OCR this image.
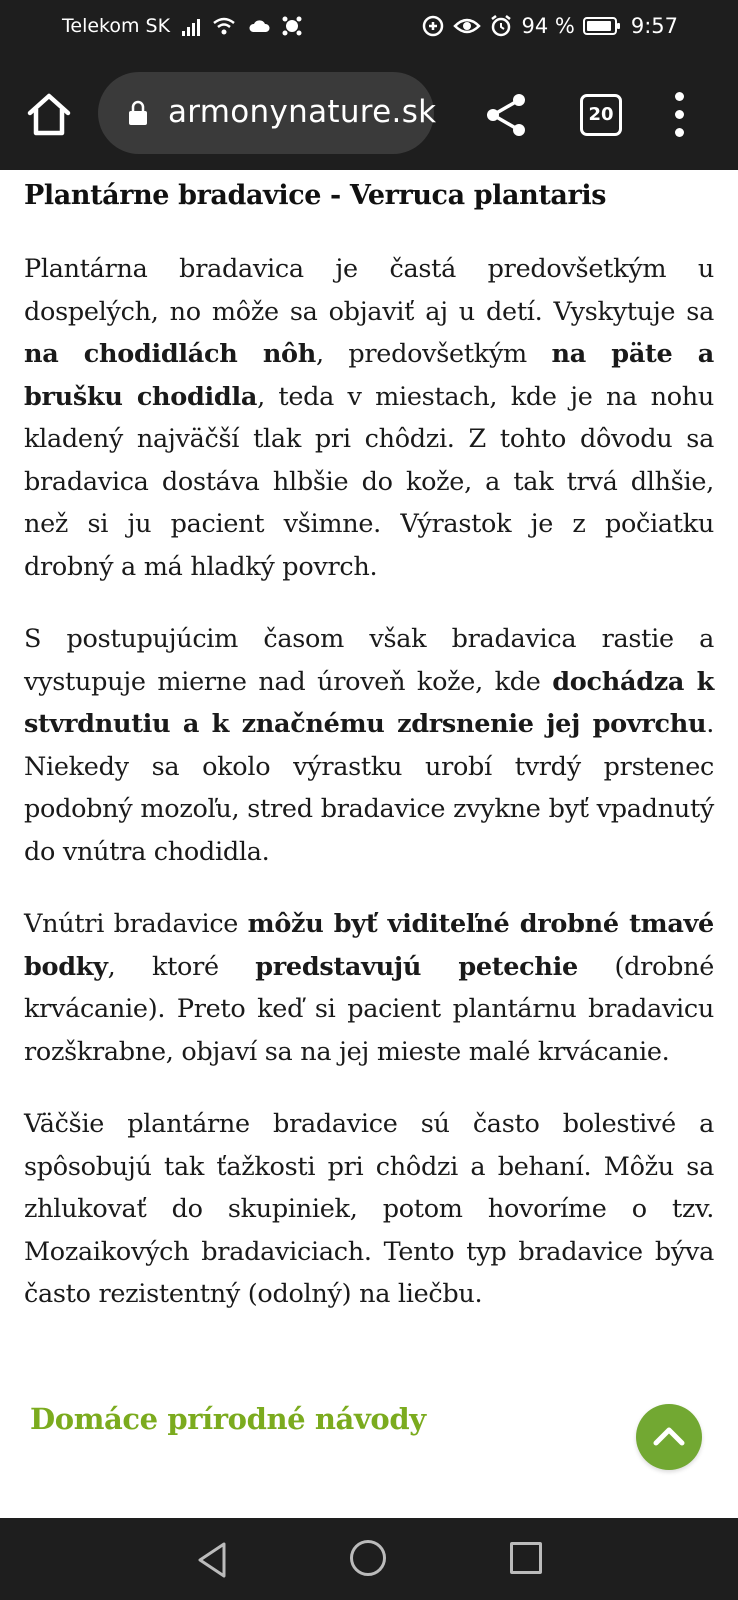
Telekom SK	94 %	9:57
armonynature.sk	20
Plantárne bradavice - Verruca plantaris

Plantárna bradavica je častá predovšetkým u dospelých, no môže sa objaviť aj u detí. Vyskytuje sa na chodidlách nôh, predovšetkým na päte a brušku chodidla, teda v miestach, kde je na nohu kladený najväčší tlak pri chôdzi. Z tohto dôvodu sa bradavica dostáva hlbšie do kože, a tak trvá dlhšie, než si ju pacient všimne. Výrastok je z počiatku drobný a má hladký povrch.

S postupujúcim časom však bradavica rastie a vystupuje mierne nad úroveň kože, kde dochádza k stvrdnutiu a k značnému zdrsnenie jej povrchu. Niekedy sa okolo výrastku urobí tvrdý prstenec podobný mozoľu, stred bradavice zvykne byť vpadnutý do vnútra chodidla.

Vnútri bradavice môžu byť viditeľné drobné tmavé bodky, ktoré predstavujú petechie (drobné krvácanie). Preto keď si pacient plantárnu bradavicu rozškrabne, objaví sa na jej mieste malé krvácanie.

Väčšie plantárne bradavice sú často bolestivé a spôsobujú tak ťažkosti pri chôdzi a behaní. Môžu sa zhlukovať do skupiniek, potom hovoríme o tzv. Mozaikových bradaviciach. Tento typ bradavice býva často rezistentný (odolný) na liečbu.

Domáce prírodné návody
